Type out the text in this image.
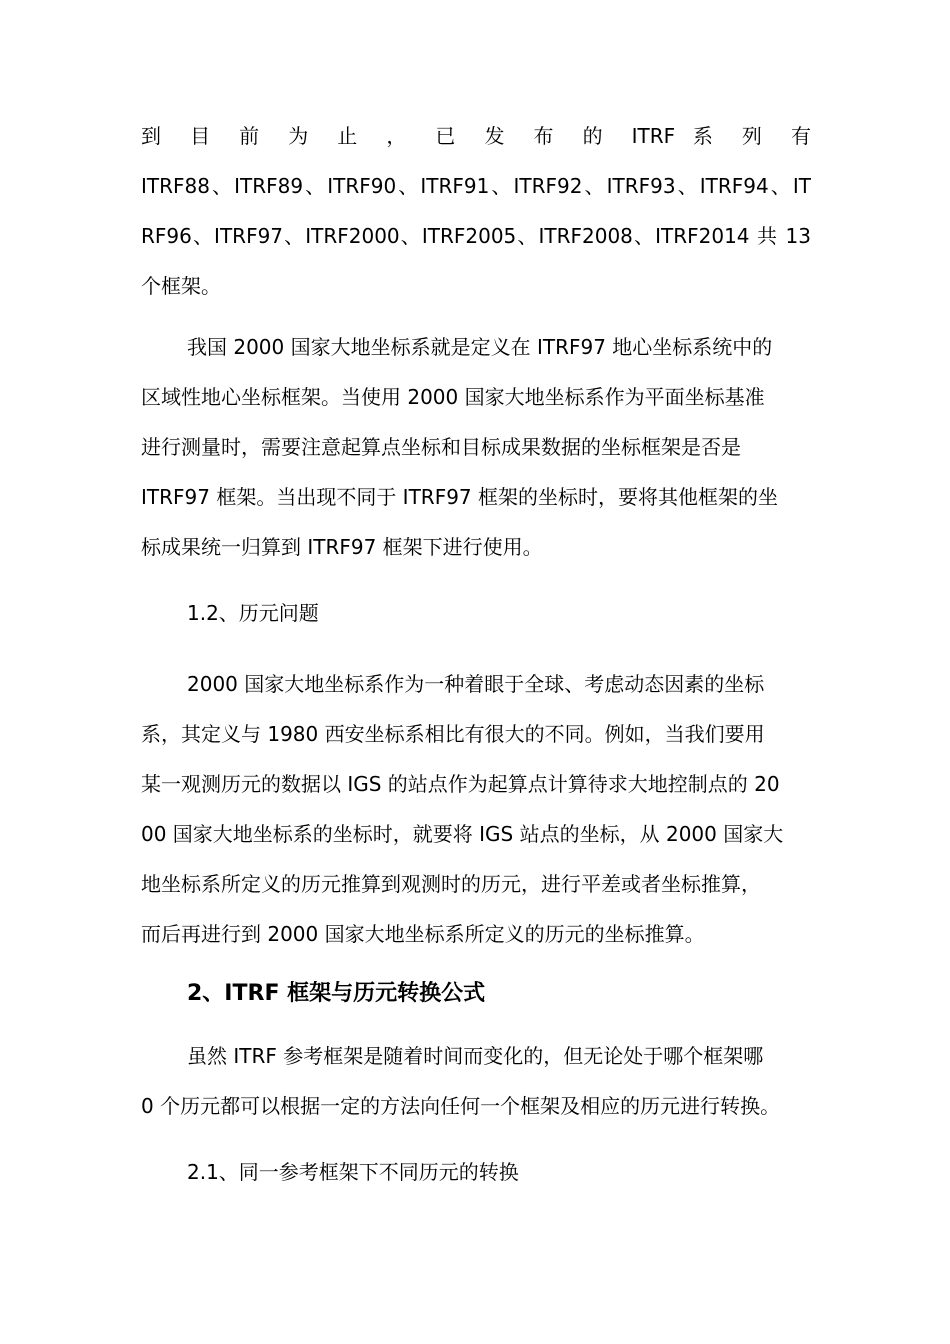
到 目 前 为 止 ， 已 发 布 的 ITRF 系 列 有
ITRF88、ITRF89、ITRF90、ITRF91、ITRF92、ITRF93、ITRF94、IT
RF96、ITRF97、ITRF2000、ITRF2005、ITRF2008、ITRF2014 共 13
个框架。
我国 2000 国家大地坐标系就是定义在 ITRF97 地心坐标系统中的
区域性地心坐标框架。当使用 2000 国家大地坐标系作为平面坐标基准
进行测量时，需要注意起算点坐标和目标成果数据的坐标框架是否是
ITRF97 框架。当出现不同于 ITRF97 框架的坐标时，要将其他框架的坐
标成果统一归算到 ITRF97 框架下进行使用。
1.2、历元问题
2000 国家大地坐标系作为一种着眼于全球、考虑动态因素的坐标
系，其定义与 1980 西安坐标系相比有很大的不同。例如，当我们要用
某一观测历元的数据以 IGS 的站点作为起算点计算待求大地控制点的 20
00 国家大地坐标系的坐标时，就要将 IGS 站点的坐标，从 2000 国家大
地坐标系所定义的历元推算到观测时的历元，进行平差或者坐标推算，
而后再进行到 2000 国家大地坐标系所定义的历元的坐标推算。
2、ITRF 框架与历元转换公式
虽然 ITRF 参考框架是随着时间而变化的，但无论处于哪个框架哪
0 个历元都可以根据一定的方法向任何一个框架及相应的历元进行转换。
2.1、同一参考框架下不同历元的转换
